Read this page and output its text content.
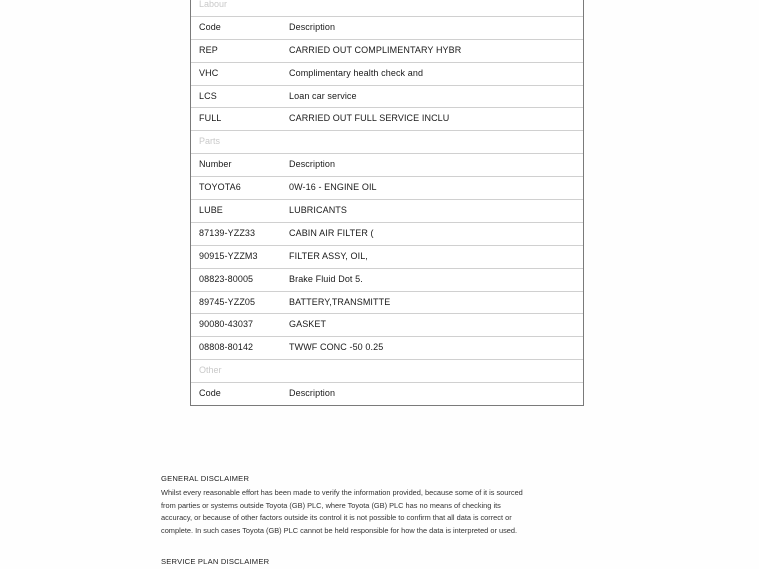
Labour
Code	Description
REP	CARRIED OUT COMPLIMENTARY HYBR
VHC	Complimentary health check and
LCS	Loan car service
FULL	CARRIED OUT FULL SERVICE INCLU
Parts
Number	Description
TOYOTA6	0W-16 - ENGINE OIL
LUBE	LUBRICANTS
87139-YZZ33	CABIN AIR FILTER (
90915-YZZM3	FILTER ASSY, OIL,
08823-80005	Brake Fluid Dot 5.
89745-YZZ05	BATTERY,TRANSMITTE
90080-43037	GASKET
08808-80142	TWWF CONC -50 0.25
Other
Code	Description
GENERAL DISCLAIMER
Whilst every reasonable effort has been made to verify the information provided, because some of it is sourced
from parties or systems outside Toyota (GB) PLC, where Toyota (GB) PLC has no means of checking its
accuracy, or because of other factors outside its control it is not possible to confirm that all data is correct or
complete. In such cases Toyota (GB) PLC cannot be held responsible for how the data is interpreted or used.
SERVICE PLAN DISCLAIMER
